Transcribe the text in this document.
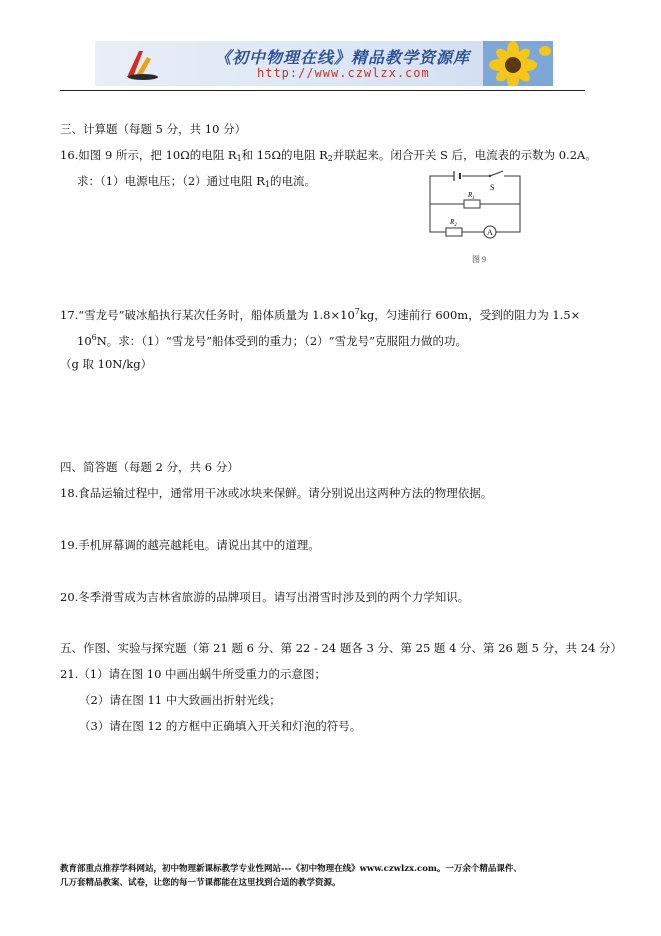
《初中物理在线》精品教学资源库
http://www.czwlzx.com
三、计算题（每题 5 分，共 10 分）
16.如图 9 所示，把 10Ω的电阻 $R_1$和 15Ω的电阻 $R_2$并联起来。闭合开关 S 后，电流表的示数为 0.2A。
求：（1）电源电压；（2）通过电阻 $R_1$的电流。	S
$R_1$
$R_2$
A
图 9
17.“雪龙号”破冰船执行某次任务时，船体质量为 $1.8\times 10^7kg$，匀速前行 600m，受到的阻力为 1.5×
$10^6N$。求：（1）“雪龙号”船体受到的重力；（2）“雪龙号”克服阻力做的功。
（g 取 10N/kg）
四、简答题（每题 2 分，共 6 分）
18.食品运输过程中，通常用干冰或冰块来保鲜。请分别说出这两种方法的物理依据。
19.手机屏幕调的越亮越耗电。请说出其中的道理。
20.冬季滑雪成为吉林省旅游的品牌项目。请写出滑雪时涉及到的两个力学知识。
五、作图、实验与探究题（第 21 题 6 分、第 22 - 24 题各 3 分、第 25 题 4 分、第 26 题 5 分，共 24 分）
21.（1）请在图 10 中画出蜗牛所受重力的示意图；
（2）请在图 11 中大致画出折射光线；
（3）请在图 12 的方框中正确填入开关和灯泡的符号。
教育部重点推荐学科网站，初中物理新课标教学专业性网站---《初中物理在线》www.czwlzx.com。一万余个精品课件、
几万套精品教案、试卷，让您的每一节课都能在这里找到合适的教学资源。
